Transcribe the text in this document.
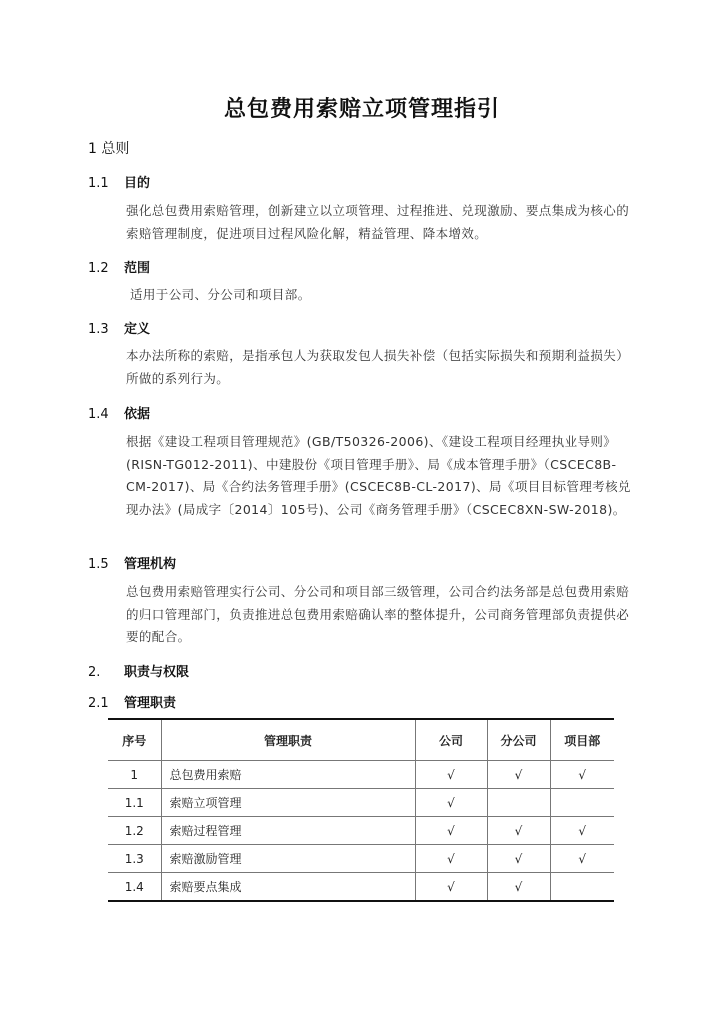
总包费用索赔立项管理指引
1 总则
1.1 目的
强化总包费用索赔管理，创新建立以立项管理、过程推进、兑现激励、要点集成为核心的索赔管理制度，促进项目过程风险化解，精益管理、降本增效。
1.2 范围
适用于公司、分公司和项目部。
1.3 定义
本办法所称的索赔，是指承包人为获取发包人损失补偿（包括实际损失和预期利益损失）所做的系列行为。
1.4 依据
根据《建设工程项目管理规范》(GB/T50326-2006)、《建设工程项目经理执业导则》(RISN-TG012-2011)、中建股份《项目管理手册》、局《成本管理手册》（CSCEC8B-CM-2017)、局《合约法务管理手册》(CSCEC8B-CL-2017)、局《项目目标管理考核兑现办法》(局成字〔2014〕105号)、公司《商务管理手册》（CSCEC8XN-SW-2018)。
1.5 管理机构
总包费用索赔管理实行公司、分公司和项目部三级管理，公司合约法务部是总包费用索赔的归口管理部门，负责推进总包费用索赔确认率的整体提升，公司商务管理部负责提供必要的配合。
2. 职责与权限
2.1 管理职责
序号	管理职责	公司	分公司	项目部
1	总包费用索赔	√	√	√
1.1	索赔立项管理	√		
1.2	索赔过程管理	√	√	√
1.3	索赔激励管理	√	√	√
1.4	索赔要点集成	√	√	
